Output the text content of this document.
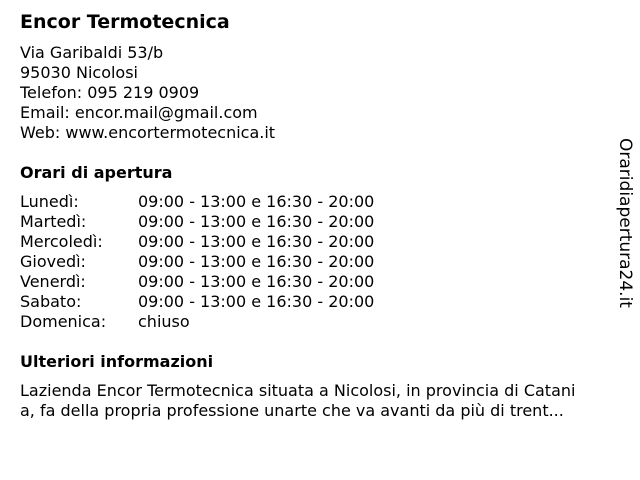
Encor Termotecnica
Via Garibaldi 53/b
95030 Nicolosi
Telefon: 095 219 0909
Email: encor.mail@gmail.com
Web: www.encortermotecnica.it
Orari di apertura
Lunedì:	09:00 - 13:00 e 16:30 - 20:00
Martedì:	09:00 - 13:00 e 16:30 - 20:00
Mercoledì:	09:00 - 13:00 e 16:30 - 20:00
Giovedì:	09:00 - 13:00 e 16:30 - 20:00
Venerdì:	09:00 - 13:00 e 16:30 - 20:00
Sabato:	09:00 - 13:00 e 16:30 - 20:00
Domenica:	chiuso
Ulteriori informazioni
Lazienda Encor Termotecnica situata a Nicolosi, in provincia di Catani
a, fa della propria professione unarte che va avanti da più di trent...
Oraridiapertura24.it
